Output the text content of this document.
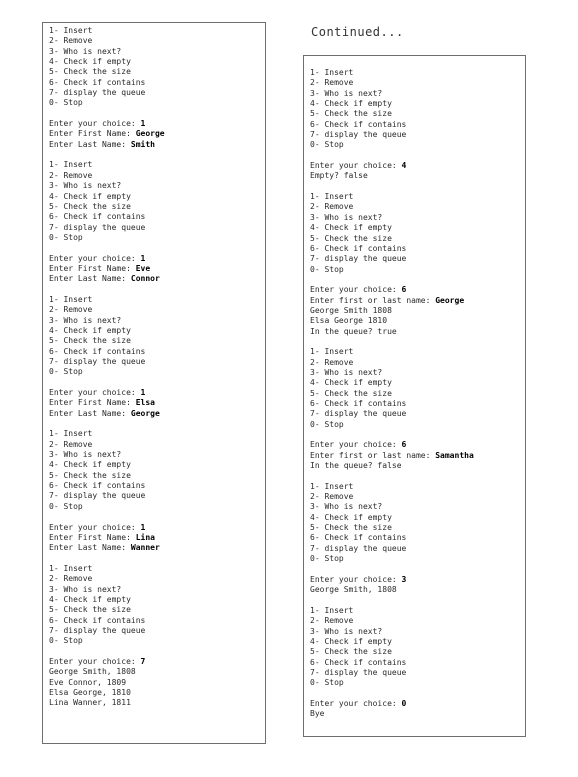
1- Insert
2- Remove
3- Who is next?
4- Check if empty
5- Check the size
6- Check if contains
7- display the queue
0- Stop
Enter your choice: 1
Enter First Name: George
Enter Last Name: Smith
1- Insert
2- Remove
3- Who is next?
4- Check if empty
5- Check the size
6- Check if contains
7- display the queue
0- Stop
Enter your choice: 1
Enter First Name: Eve
Enter Last Name: Connor
1- Insert
2- Remove
3- Who is next?
4- Check if empty
5- Check the size
6- Check if contains
7- display the queue
0- Stop
Enter your choice: 1
Enter First Name: Elsa
Enter Last Name: George
1- Insert
2- Remove
3- Who is next?
4- Check if empty
5- Check the size
6- Check if contains
7- display the queue
0- Stop
Enter your choice: 1
Enter First Name: Lina
Enter Last Name: Wanner
1- Insert
2- Remove
3- Who is next?
4- Check if empty
5- Check the size
6- Check if contains
7- display the queue
0- Stop
Enter your choice: 7
George Smith, 1808
Eve Connor, 1809
Elsa George, 1810
Lina Wanner, 1811
Continued...
1- Insert
2- Remove
3- Who is next?
4- Check if empty
5- Check the size
6- Check if contains
7- display the queue
0- Stop
Enter your choice: 4
Empty? false
1- Insert
2- Remove
3- Who is next?
4- Check if empty
5- Check the size
6- Check if contains
7- display the queue
0- Stop
Enter your choice: 6
Enter first or last name: George
George Smith 1808
Elsa George 1810
In the queue? true
1- Insert
2- Remove
3- Who is next?
4- Check if empty
5- Check the size
6- Check if contains
7- display the queue
0- Stop
Enter your choice: 6
Enter first or last name: Samantha
In the queue? false
1- Insert
2- Remove
3- Who is next?
4- Check if empty
5- Check the size
6- Check if contains
7- display the queue
0- Stop
Enter your choice: 3
George Smith, 1808
1- Insert
2- Remove
3- Who is next?
4- Check if empty
5- Check the size
6- Check if contains
7- display the queue
0- Stop
Enter your choice: 0
Bye
